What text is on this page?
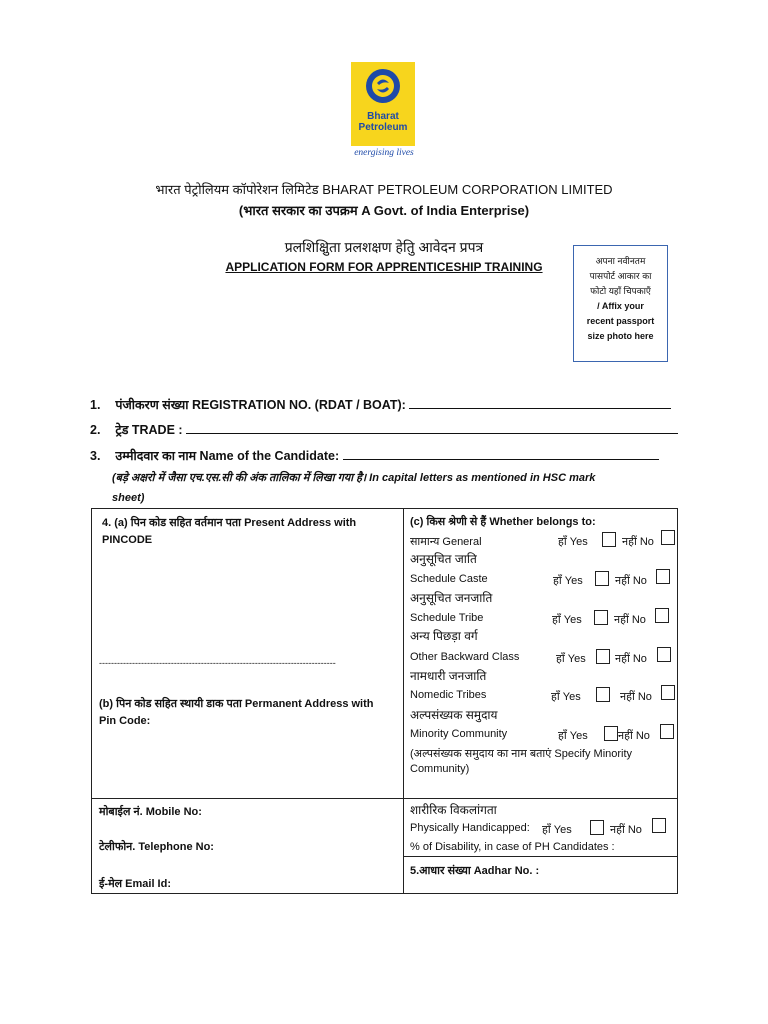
Bharat
Petroleum
energising lives
भारत पेट्रोलियम कॉपोरेशन लिमिटेड BHARAT PETROLEUM CORPORATION LIMITED
(भारत सरकार का उपक्रम A Govt. of India Enterprise)
प्रलशिक्षिुता प्रलशक्षण हेतिु आवेदन प्रपत्र
APPLICATION FORM FOR APPRENTICESHIP TRAINING	अपना नवीनतम
पासपोर्ट आकार का
फोटो यहाँ चिपकाएँ
/ Affix your
recent passport
size photo here
1. पंजीकरण संख्या REGISTRATION NO. (RDAT / BOAT):
2. ट्रेड TRADE :
3. उम्मीदवार का नाम Name of the Candidate:
(बड़े अक्षरो में जैसा एच.एस.सी की अंक तालिका में लिखा गया है। In capital letters as mentioned in HSC mark
sheet)
4. (a) पिन कोड सहित वर्तमान पता Present Address with
PINCODE
-------------------------------------------------------------------------------
(b) पिन कोड सहित स्थायी डाक पता Permanent Address with
Pin Code:
मोबाईल नं. Mobile No:
टेलीफोन. Telephone No:
ई-मेल Email Id:
(c) किस श्रेणी से हैं Whether belongs to:
सामान्य General	हाँ Yes	नहीं No
अनुसूचित जाति
Schedule Caste	हाँ Yes	नहीं No
अनुसूचित जनजाति
Schedule Tribe	हाँ Yes	नहीं No
अन्य पिछड़ा वर्ग
Other Backward Class	हाँ Yes	नहीं No
नामधारी जनजाति
Nomedic Tribes	हाँ Yes	नहीं No
अल्पसंख्यक समुदाय
Minority Community	हाँ Yes	नहीं No
(अल्पसंख्यक समुदाय का नाम बताएं Specify Minority
Community)
शारीरिक विकलांगता
Physically Handicapped: हाँ Yes	नहीं No
% of Disability, in case of PH Candidates :
5.आधार संख्या Aadhar No. :
